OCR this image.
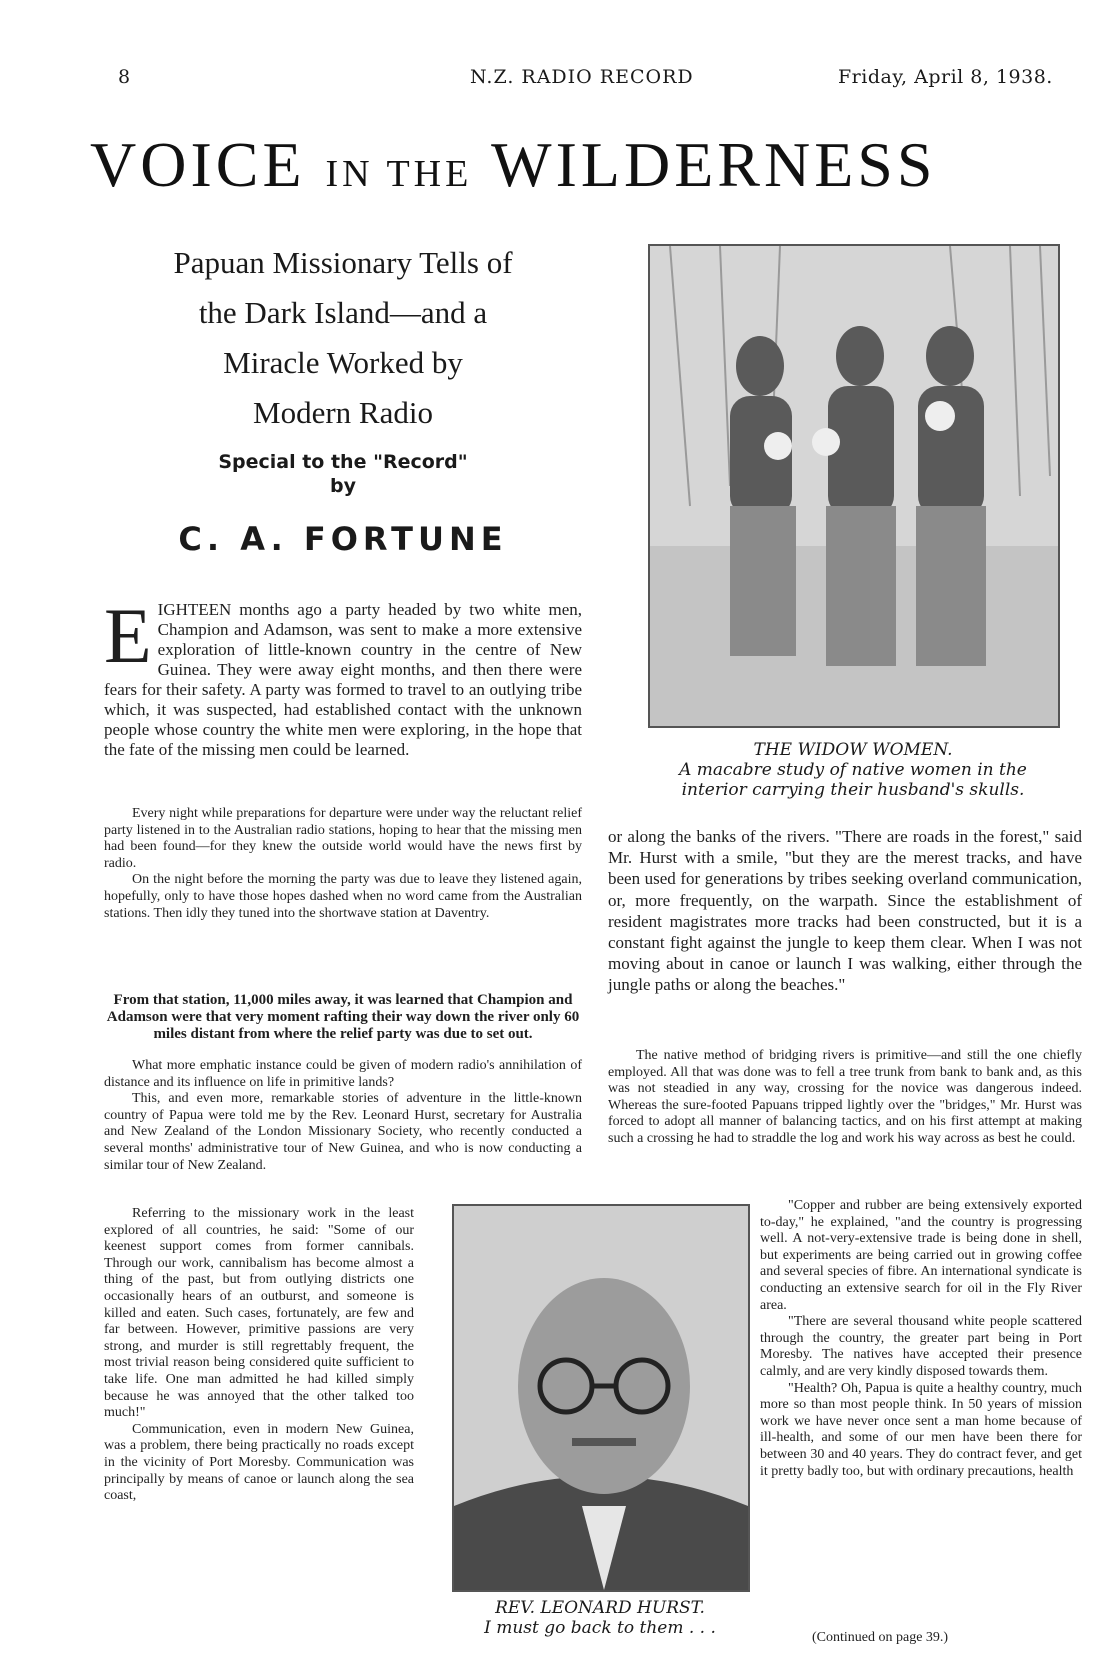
8	N.Z. RADIO RECORD	Friday, April 8, 1938.
VOICE IN THE WILDERNESS
Papuan Missionary Tells of
the Dark Island—and a
Miracle Worked by
Modern Radio
Special to the "Record"
by
C. A. FORTUNE
E IGHTEEN months ago a party headed by two white men, Champion and Adamson, was sent to make a more extensive exploration of little-known country in the centre of New Guinea. They were away eight months, and then there were fears for their safety. A party was formed to travel to an outlying tribe which, it was suspected, had established contact with the unknown people whose country the white men were exploring, in the hope that the fate of the missing men could be learned.

Every night while preparations for departure were under way the reluctant relief party listened in to the Australian radio stations, hoping to hear that the missing men had been found—for they knew the outside world would have the news first by radio.

On the night before the morning the party was due to leave they listened again, hopefully, only to have those hopes dashed when no word came from the Australian stations. Then idly they tuned into the shortwave station at Daventry.

From that station, 11,000 miles away, it was learned that Champion and Adamson were that very moment rafting their way down the river only 60 miles distant from where the relief party was due to set out.

What more emphatic instance could be given of modern radio's annihilation of distance and its influence on life in primitive lands?

This, and even more, remarkable stories of adventure in the little-known country of Papua were told me by the Rev. Leonard Hurst, secretary for Australia and New Zealand of the London Missionary Society, who recently conducted a several months' administrative tour of New Guinea, and who is now conducting a similar tour of New Zealand.

Referring to the missionary work in the least explored of all countries, he said: "Some of our keenest support comes from former cannibals. Through our work, cannibalism has become almost a thing of the past, but from outlying districts one occasionally hears of an outburst, and someone is killed and eaten. Such cases, fortunately, are few and far between. However, primitive passions are very strong, and murder is still regrettably frequent, the most trivial reason being considered quite sufficient to take life. One man admitted he had killed simply because he was annoyed that the other talked too much!"

Communication, even in modern New Guinea, was a problem, there being practically no roads except in the vicinity of Port Moresby. Communication was principally by means of canoe or launch along the sea coast,

THE WIDOW WOMEN.
A macabre study of native women in the interior carrying their husband's skulls.
or along the banks of the rivers. "There are roads in the forest," said Mr. Hurst with a smile, "but they are the merest tracks, and have been used for generations by tribes seeking overland communication, or, more frequently, on the warpath. Since the establishment of resident magistrates more tracks had been constructed, but it is a constant fight against the jungle to keep them clear. When I was not moving about in canoe or launch I was walking, either through the jungle paths or along the beaches."

The native method of bridging rivers is primitive—and still the one chiefly employed. All that was done was to fell a tree trunk from bank to bank and, as this was not steadied in any way, crossing for the novice was dangerous indeed. Whereas the sure-footed Papuans tripped lightly over the "bridges," Mr. Hurst was forced to adopt all manner of balancing tactics, and on his first attempt at making such a crossing he had to straddle the log and work his way across as best he could.

"Copper and rubber are being extensively exported to-day," he explained, "and the country is progressing well. A not-very-extensive trade is being done in shell, but experiments are being carried out in growing coffee and several species of fibre. An international syndicate is conducting an extensive search for oil in the Fly River area.

"There are several thousand white people scattered through the country, the greater part being in Port Moresby. The natives have accepted their presence calmly, and are very kindly disposed towards them.

"Health? Oh, Papua is quite a healthy country, much more so than most people think. In 50 years of mission work we have never once sent a man home because of ill-health, and some of our men have been there for between 30 and 40 years. They do contract fever, and get it pretty badly too, but with ordinary precautions, health

REV. LEONARD HURST.
I must go back to them . . .	(Continued on page 39.)
